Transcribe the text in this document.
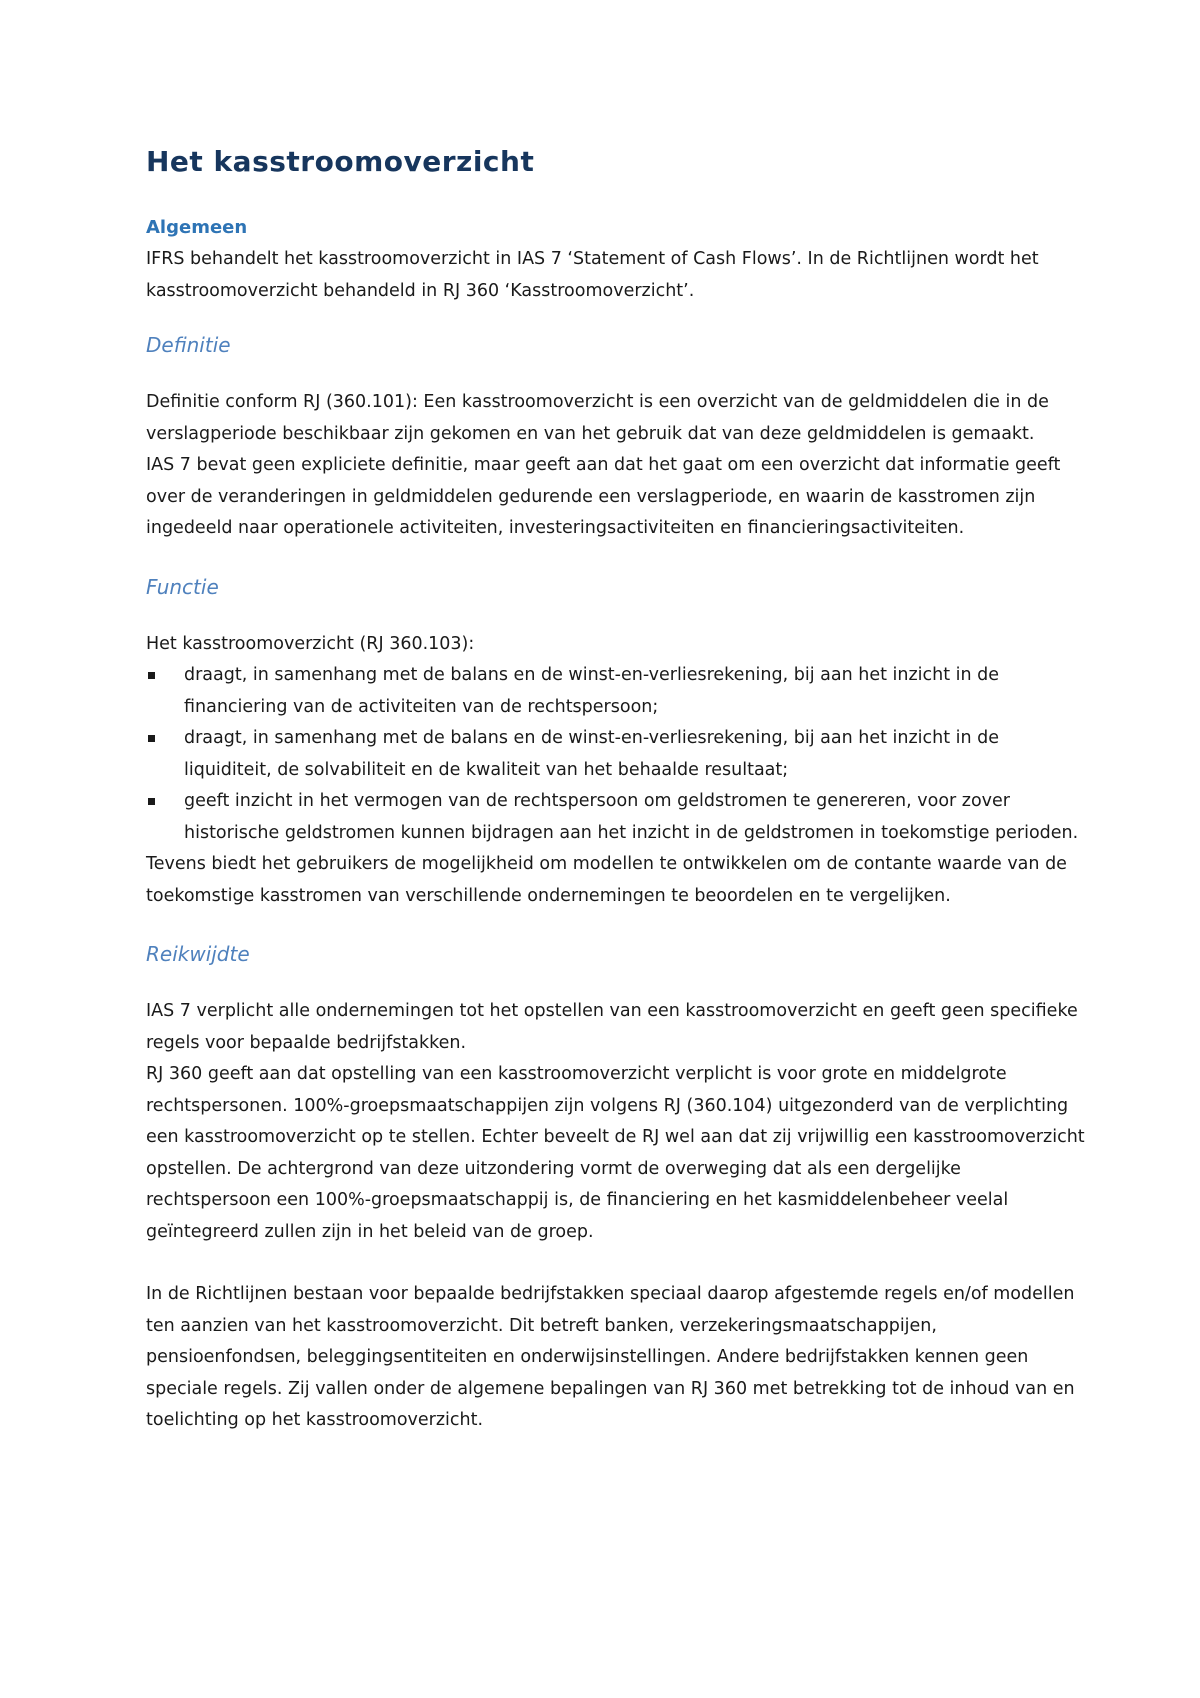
Het kasstroomoverzicht
Algemeen

IFRS behandelt het kasstroomoverzicht in IAS 7 ‘Statement of Cash Flows’. In de Richtlijnen wordt het kasstroomoverzicht behandeld in RJ 360 ‘Kasstroomoverzicht’.

Definitie

Definitie conform RJ (360.101): Een kasstroomoverzicht is een overzicht van de geldmiddelen die in de verslagperiode beschikbaar zijn gekomen en van het gebruik dat van deze geldmiddelen is gemaakt.

IAS 7 bevat geen expliciete definitie, maar geeft aan dat het gaat om een overzicht dat informatie geeft over de veranderingen in geldmiddelen gedurende een verslagperiode, en waarin de kasstromen zijn ingedeeld naar operationele activiteiten, investeringsactiviteiten en financieringsactiviteiten.

Functie

Het kasstroomoverzicht (RJ 360.103):

draagt, in samenhang met de balans en de winst-en-verliesrekening, bij aan het inzicht in de financiering van de activiteiten van de rechtspersoon;
draagt, in samenhang met de balans en de winst-en-verliesrekening, bij aan het inzicht in de liquiditeit, de solvabiliteit en de kwaliteit van het behaalde resultaat;
geeft inzicht in het vermogen van de rechtspersoon om geldstromen te genereren, voor zover historische geldstromen kunnen bijdragen aan het inzicht in de geldstromen in toekomstige perioden.

Tevens biedt het gebruikers de mogelijkheid om modellen te ontwikkelen om de contante waarde van de toekomstige kasstromen van verschillende ondernemingen te beoordelen en te vergelijken.

Reikwijdte

IAS 7 verplicht alle ondernemingen tot het opstellen van een kasstroomoverzicht en geeft geen specifieke regels voor bepaalde bedrijfstakken.

RJ 360 geeft aan dat opstelling van een kasstroomoverzicht verplicht is voor grote en middelgrote rechtspersonen. 100%-groepsmaatschappijen zijn volgens RJ (360.104) uitgezonderd van de verplichting een kasstroomoverzicht op te stellen. Echter beveelt de RJ wel aan dat zij vrijwillig een kasstroomoverzicht opstellen. De achtergrond van deze uitzondering vormt de overweging dat als een dergelijke rechtspersoon een 100%-groepsmaatschappij is, de financiering en het kasmiddelenbeheer veelal geïntegreerd zullen zijn in het beleid van de groep.

In de Richtlijnen bestaan voor bepaalde bedrijfstakken speciaal daarop afgestemde regels en/of modellen ten aanzien van het kasstroomoverzicht. Dit betreft banken, verzekeringsmaatschappijen, pensioenfondsen, beleggingsentiteiten en onderwijsinstellingen. Andere bedrijfstakken kennen geen speciale regels. Zij vallen onder de algemene bepalingen van RJ 360 met betrekking tot de inhoud van en toelichting op het kasstroomoverzicht.
